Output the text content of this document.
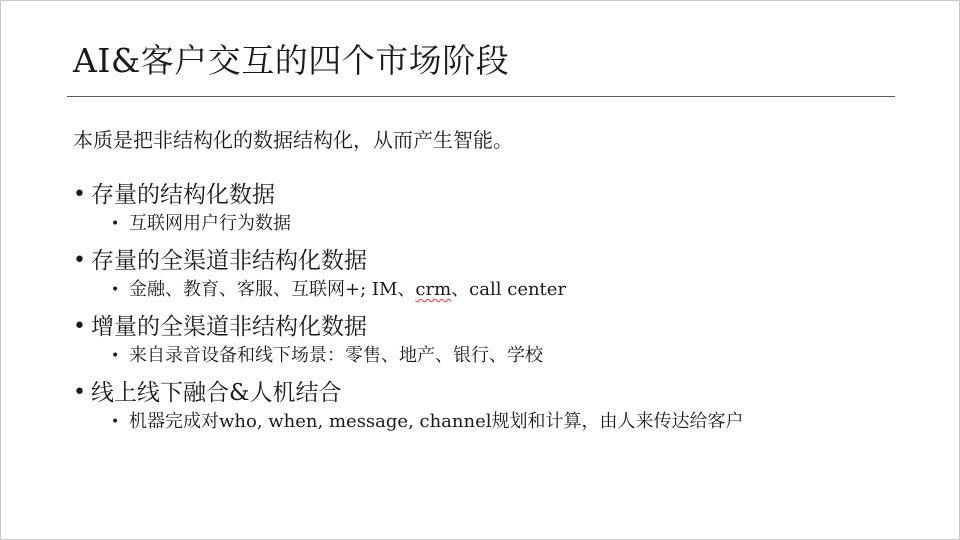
AI&客户交互的四个市场阶段
本质是把非结构化的数据结构化，从而产生智能。
• 存量的结构化数据
• 互联网用户行为数据
• 存量的全渠道非结构化数据
• 金融、教育、客服、互联网+; IM、crm、call center
• 增量的全渠道非结构化数据
• 来自录音设备和线下场景：零售、地产、银行、学校
• 线上线下融合&人机结合
• 机器完成对who, when, message, channel规划和计算，由人来传达给客户
